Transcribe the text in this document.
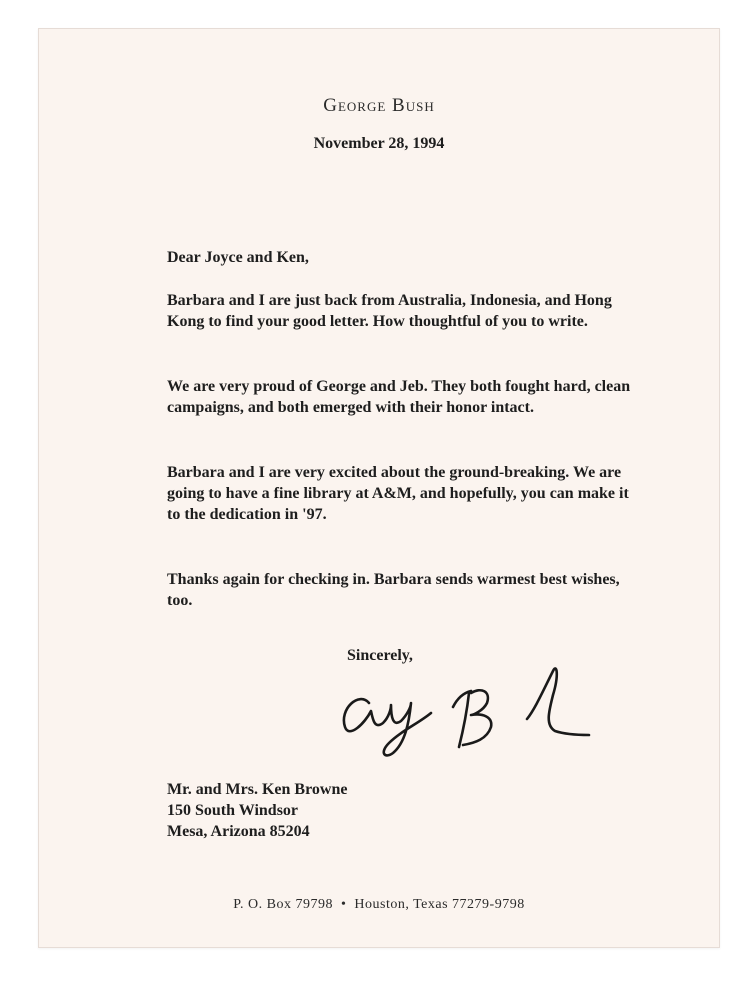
George Bush
November 28, 1994
Dear Joyce and Ken,
Barbara and I are just back from Australia, Indonesia, and Hong Kong to find your good letter. How thoughtful of you to write.
We are very proud of George and Jeb. They both fought hard, clean campaigns, and both emerged with their honor intact.
Barbara and I are very excited about the ground-breaking. We are going to have a fine library at A&M, and hopefully, you can make it to the dedication in '97.
Thanks again for checking in. Barbara sends warmest best wishes, too.
Sincerely,
Mr. and Mrs. Ken Browne
150 South Windsor
Mesa, Arizona 85204
P. O. Box 79798 • Houston, Texas 77279-9798
